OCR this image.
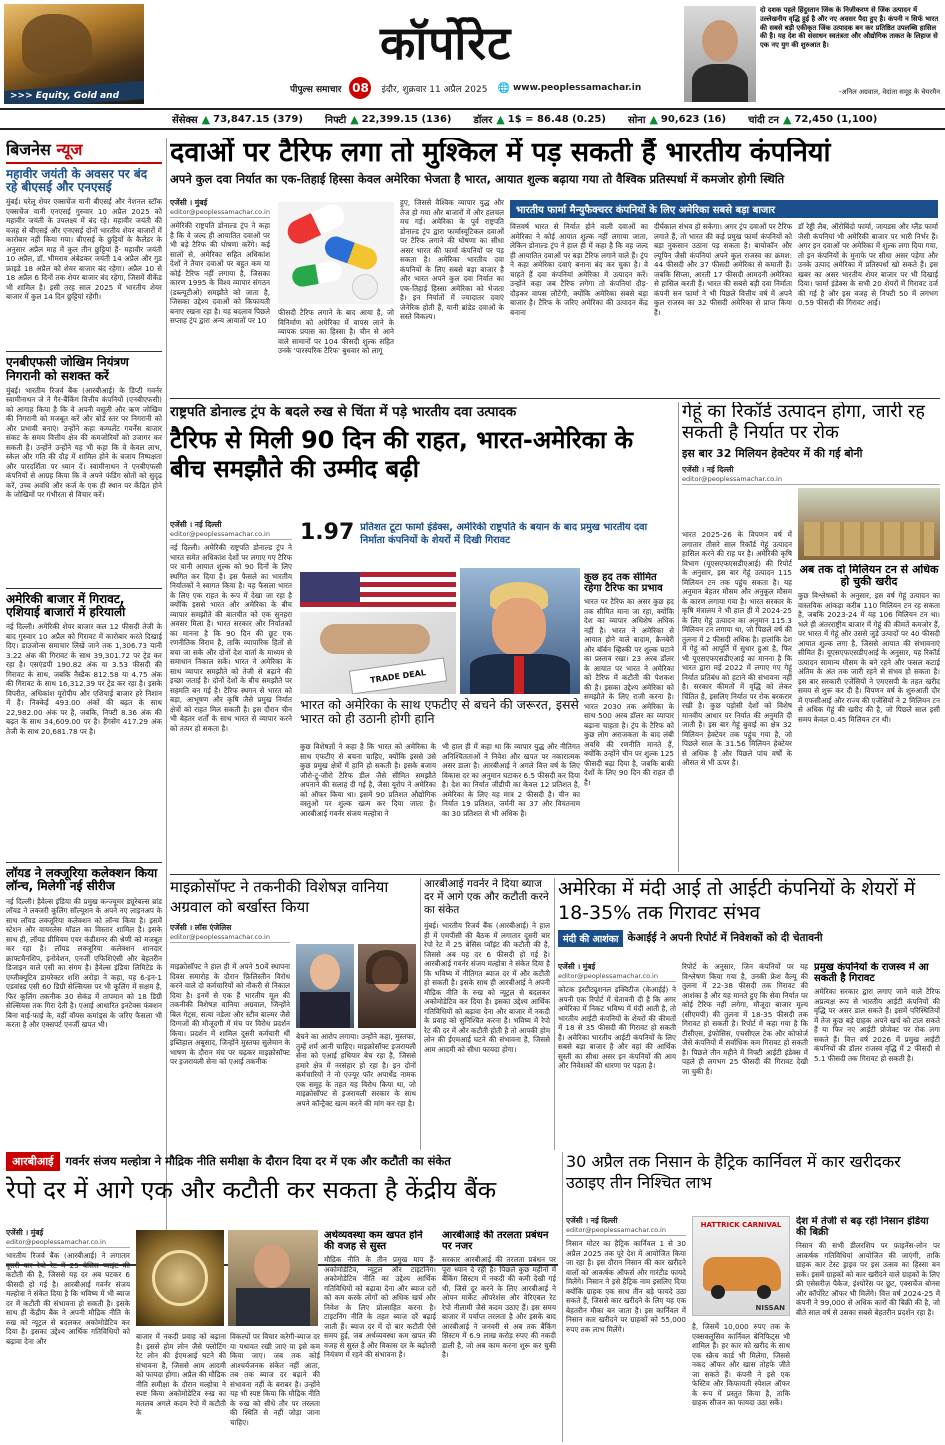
>>> Equity, Gold and
कॉर्पोरेट
पीपुल्स समाचार 08 इंदौर, शुक्रवार 11 अप्रैल 2025 🌐 www.peoplessamachar.in
दो दशक पहले हिंदुस्तान जिंक के निजीकरण से जिंक उत्पादन में उल्लेखनीय वृद्धि हुई है और नए अवसर पैदा हुए है। कंपनी न सिर्फ भारत की सबसे बड़ी एकीकृत जिंक उत्पादक बन कर प्रतिष्ठित उपलब्धि हासिल की है। यह देश की संसाधन स्वतंत्रता और औद्योगिक ताकत के लिहाज से एक नए युग की शुरुआत है।
-अनिल अग्रवाल, वेदांता समूह के चेयरमैन
सेंसेक्स ▲ 73,847.15 (379) निफ्टी ▲ 22,399.15 (136) डॉलर ▲ 1$ = 86.48 (0.25) सोना ▲ 90,623 (16) चांदी टन ▲ 72,450 (1,100)
बिजनेस न्यूज
महावीर जयंती के अवसर पर बंद रहे बीएसई और एनएसई
मुंबई। घरेलू शेयर एक्सचेंज यानी बीएसई और नेशनल स्टॉक एक्सचेंज यानी एनएसई गुरुवार 10 अप्रैल 2025 को महावीर जयंती के उपलक्ष्य में बंद रहे। महावीर जयंती की वजह से बीएसई और एनएसई दोनों भारतीय शेयर बाजारों में कारोबार नहीं किया गया। बीएसई के छुट्टियों के कैलेंडर के अनुसार अप्रैल माह में कुल तीन छुट्टियां हैं- महावीर जयंती 10 अप्रैल, डॉ. भीमराव अंबेडकर जयंती 14 अप्रैल और गुड फ्राइडे 18 अप्रैल को शेयर बाजार बंद रहेगा। अप्रैल 10 से 18 अप्रैल 6 दिनों तक शेयर बाजार बंद रहेगा, जिसमें वीकेंड भी शामिल है। इसी तरह साल 2025 में भारतीय शेयर बाजार में कुल 14 दिन छुट्टियां रहेंगी।
एनबीएफसी जोखिम नियंत्रण निगरानी को सशक्त करें
मुंबई। भारतीय रिजर्व बैंक (आरबीआई) के डिप्टी गवर्नर स्वामीनाथन जे ने गैर-बैंकिंग वित्तीय कंपनियों (एनबीएफसी) को आगाह किया है कि वे अपनी वसूली और ऋण जोखिम की निगरानी को मजबूत करें और बोर्ड स्तर पर निगरानी को और प्रभावी बनाएं। उन्होंने कहा कम्पलेंट गवर्नेंस बाजार संकट के समय वित्तीय क्षेत्र की कमजोरियों को उजागर कर सकती है। उन्होंने उन्होंने यह भी कहा कि वे केवल लाभ, स्केल और गति की दौड़ में शामिल होने के बजाय निष्पक्षता और पारदर्शिता पर ध्यान दें। स्वामीनाथन ने एनबीएफसी कंपनियों से आग्रह किया कि वे अपने फंडिंग स्रोतों को सुदृढ़ करें, उच्च अवधि और कर्ज के एक ही स्थान पर केंद्रित होने के जोखिमों पर गंभीरता से विचार करें।
अमेरिकी बाजार में गिरावट, एशियाई बाजारों में हरियाली
नई दिल्ली। अमेरिकी शेयर बाजार कल 12 फीसदी तेजी के बाद गुरुवार 10 अप्रैल को गिरावट में कारोबार करते दिखाई दिए। डाउजोन्स समाचार लिखे जाने तक 1,306.73 यानी 3.22 अंक की गिरावट के साथ 39,301.72 पर ट्रेड कर रहा है। एसएंडपी 190.82 अंक या 3.53 फीसदी की गिरावट के साथ, जबकि नैस्डैक 812.58 या 4.75 अंक की गिरावट के साथ 16,312.39 पर ट्रेड कर रहा है। इसके विपरीत, अधिकांश यूरोपीय और एशियाई बाजार हरे निशान में हैं। निक्केई 493.00 अंकों की बढ़त के साथ 22,982.00 अंक पर है, जबकि, निफ्टी 8.36 अंक की बढ़त के साथ 34,609.00 पर है। हैंगसेंग 417.29 अंक तेजी के साथ 20,681.78 पर है।
लॉयड ने लक्जूरिया कलेक्शन किया लॉन्च, मिलेगी नई सीरीज
नई दिल्ली। हैवेल्स इंडिया की प्रमुख कन्ज्यूमर ड्यूरेबल्स ब्रांड लॉयड ने लक्जरी कूलिंग सॉल्यूशन के अपने नए लाइनअप के साथ लॉयड लक्जूरिया कलेक्शन को लॉन्च किया है। इसमें स्टेशन और वायरलेस मॉडल का विस्तार शामिल है। इसके साथ ही, लॉयड प्रीमियम एयर कंडीशनर की श्रेणी को मजबूत कर रहा है। लॉयड लक्जूरिया कलेक्शन शानदार क्राफ्टमैनशिप, इनोवेशन, एनर्जी एफिशिएंसी और बेहतरीन डिजाइन वाले एसी का संगम है। हैवेल्स इंडिया लिमिटेड के एग्जीक्यूटिव डायरेक्टर शशि अरोड़ा ने कहा, यह 6-इन-1 एडवांस्ड एसी 60 डिग्री सेल्सियस पर भी कूलिंग में सक्षम है, फिर कूलिंग तकनीक 30 सेकंड में तापमान को 18 डिग्री सेल्सियस तक गिरा देती है। एआई आधारित इनटेक्स फंक्शन बिना वाई-फाई के, वहीं वॉयस कमांड्स के जरिए फैसला भी करता है और एक्सपर्ट एनर्जी खपत भी।
दवाओं पर टैरिफ लगा तो मुश्किल में पड़ सकती हैं भारतीय कंपनियां
अपने कुल दवा निर्यात का एक-तिहाई हिस्सा केवल अमेरिका भेजता है भारत, आयात शुल्क बढ़ाया गया तो वैश्विक प्रतिस्पर्धा में कमजोर होगी स्थिति
एजेंसी । मुंबई
editor@peoplessamachar.co.in
अमेरिकी राष्ट्रपति डोनाल्ड ट्रंप ने कहा है कि वे जल्द ही आयातित दवाओं पर भी बड़े टैरिफ की घोषणा करेंगे। कई सालों से, अमेरिका सहित अधिकांश देशों ने तैयार दवाओं पर बहुत कम या कोई टैरिफ नहीं लगाया है, जिसका कारण 1995 के विश्व व्यापार संगठन (डब्ल्यूटीओ) समझौते को जाता है, जिसका उद्देश्य दवाओं को किफायती बनाए रखना रहा है। यह बदलाव पिछले सप्ताह ट्रंप द्वारा अन्य आयातों पर 10
फीसदी टैरिफ लगाने के बाद आया है, जो विनिर्माण को अमेरिका में वापस लाने के व्यापक प्रयास का हिस्सा है। चीन से आने वाले सामानों पर 104 फीसदी शुल्क सहित उनके 'पारस्परिक टैरिफ' बुधवार को लागू
हुए, जिससे वैश्विक व्यापार युद्ध और तेज हो गया और बाजारों में और हलचल मच गई। अमेरिका के पूर्व राष्ट्रपति डोनाल्ड ट्रंप द्वारा फार्मास्यूटिकल दवाओं पर टैरिफ लगाने की घोषणा का सीधा असर भारत की फार्मा कंपनियों पर पड़ सकता है। अमेरिका भारतीय दवा कंपनियों के लिए सबसे बड़ा बाजार है और भारत अपने कुल दवा निर्यात का एक-तिहाई हिस्सा अमेरिका को भेजता है। इन निर्यातों में ज्यादातर दवाएं जेनेरिक होती हैं, यानी ब्रांडेड दवाओं के सस्ते विकल्प।
भारतीय फार्मा मैन्युफैक्चरर कंपनियों के लिए अमेरिका सबसे बड़ा बाजार
वित्तवर्ष भारत से निर्यात होने वाली दवाओं का अमेरिका ने कोई आयात शुल्क नहीं लगाया जाता, लेकिन डोनाल्ड ट्रंप ने हाल ही में कहा है कि वह जल्द ही आयातित दवाओं पर बड़ा टैरिफ लगाने वाले हैं। ट्रंप ने कहा अमेरिका दवाएं बनाना बंद कर चुका है। वे चाहते हैं दवा कंपनियां अमेरिका में उत्पादन करें। उन्होंने कहा जब टैरिफ लगेगा तो कंपनियां दौड़-दौड़कर वापस लौटेंगी, क्योंकि अमेरिका सबसे बड़ा बाजार है। टैरिफ के जरिए अमेरिका की उत्पादन केंद्र बनाना
दीर्घकाल संभव हो सकेगा। अगर ट्रंप दवाओं पर टैरिफ लगाते हैं, तो भारत की कई प्रमुख फार्मा कंपनियों को बड़ा नुकसान उठाना पड़ सकता है। बायोकॉन और ल्यूपिन जैसी कंपनियां अपने कुल राजस्व का क्रमश: 44 फीसदी और 37 फीसदी अमेरिका से कमाती हैं। जबकि सिप्ला, आरती 17 फीसदी आमदनी अमेरिका से हासिल करती हैं। भारत की सबसे बड़ी दवा निर्माता कंपनी सन फार्मा ने भी पिछले वित्तीय वर्ष में अपने कुल राजस्व का 32 फीसदी अमेरिका से प्राप्त किया है।
डॉ रेड्डी लैब, ऑरोबिंदो फार्मा, जायडस और ग्लैंड फार्मा जैसी कंपनियां भी अमेरिकी बाजार पर भारी निर्भर हैं। अगर इन दवाओं पर अमेरिका में शुल्क लगा दिया गया, तो इन कंपनियों के मुनाफे पर सीधा असर पड़ेगा और उनके उत्पाद अमेरिका में प्रतिस्पर्धा खो सकते हैं। इस खबर का असर भारतीय शेयर बाजार पर भी दिखाई दिया। फार्मा इंडेक्स के सभी 20 शेयरों में गिरावट दर्ज की गई है और इस वजह से निफ्टी 50 में लगभग 0.59 फीसदी की गिरावट आई।
राष्ट्रपति डोनाल्ड ट्रंप के बदले रुख से चिंता में पड़े भारतीय दवा उत्पादक
टैरिफ से मिली 90 दिन की राहत, भारत-अमेरिका के बीच समझौते की उम्मीद बढ़ी
एजेंसी । नई दिल्ली
editor@peoplessamachar.co.in
नई दिल्ली। अमेरिकी राष्ट्रपति डोनाल्ड ट्रंप ने भारत समेत अधिकांश देशों पर लगाए गए टैरिफ पर यानी आयात शुल्क को 90 दिनों के लिए स्थगित कर दिया है। इस फैसले का भारतीय निर्यातकों ने स्वागत किया है। यह फैसला भारत के लिए एक राहत के रूप में देखा जा रहा है क्योंकि इससे भारत और अमेरिका के बीच व्यापार समझौते की बातचीत को एक सुनहरा अवसर मिला है। भारत सरकार और निर्यातकों का मानना है कि 90 दिन की छूट एक रणनीतिक विराम है, ताकि व्यापारिक हितों से बचा जा सके और दोनों देश वार्ता के माध्यम से समाधान निकाल सकें। भारत ने अमेरिका के साथ व्यापार समझौते को तेजी से बढ़ाने की इच्छा जताई है। दोनों देशों के बीच समझौते पर सहमति बन गई है। टैरिफ स्थगन से भारत को बड़ा, आभूषण और कृषि जैसे प्रमुख निर्यात क्षेत्रों को राहत मिल सकती है। इस दौरान चीन भी बेहतर शर्तों के साथ भारत से व्यापार करने को तत्पर हो सकता है।
1.97 प्रतिशत टूटा फार्मा इंडेक्स, अमेरिकी राष्ट्रपति के बयान के बाद प्रमुख भारतीय दवा निर्माता कंपनियों के शेयरों में दिखी गिरावट
TRADE DEAL
कुछ हद तक सीमित रहेगा टैरिफ का प्रभाव
भारत पर टैरिफ का असर कुछ हद तक सीमित माना जा रहा, क्योंकि देश का व्यापार अधिशेष अधिक नहीं है। भारत ने अमेरिका से आयात होने वाले बादाम, क्रैनबेरी और बॉर्बन व्हिस्की पर शुल्क घटाने का प्रस्ताव रखा। 23 अरब डॉलर के आयात पर भारत ने अमेरिका को टैरिफ में कटौती की पेशकश की है। इसका उद्देश्य अमेरिका को समझौते के लिए राजी करना है। भारत 2030 तक अमेरिका के साथ 500 अरब डॉलर का व्यापार बढ़ाना चाहता है। ट्रंप के टैरिफ को कुछ लोग अराजकता के बाद लंबी अवधि की रणनीति मानते हैं, क्योंकि उन्होंने चीन पर शुल्क 125 फीसदी बढ़ा दिया है, जबकि बाकी देशों के लिए 90 दिन की राहत दी है।
भारत को अमेरिका के साथ एफटीए से बचने की जरूरत, इससे भारत को ही उठानी होगी हानि
कुछ विशेषज्ञों ने कहा है कि भारत को अमेरिका के साथ एफटीए से बचना चाहिए, क्योंकि इससे उसे कुछ प्रमुख क्षेत्रों में हानि हो सकती है। इसके बजाय जीरो-टू-जीरो टैरिफ डील जैसे सीमित समझौते अपनाने की सलाह दी गई है, जैसा यूरोप ने अमेरिका को ऑफर किया था। इसमें 90 प्रतिशत औद्योगिक वस्तुओं पर शुल्क खत्म कर दिया जाता है। आरबीआई गवर्नर संजय मल्होत्रा ने
भी हाल ही में कहा था कि व्यापार युद्ध और नीतिगत अनिश्चितताओं ने निवेश और खपत पर नकारात्मक असर डाला है। आरबीआई ने अगले वित्त वर्ष के लिए विकास दर का अनुमान घटाकर 6.5 फीसदी कर दिया है। देश का निर्यात जीडीपी का केवल 12 प्रतिशत है, अमेरिका के लिए यह मात्र 2 फीसदी है। चीन का निर्यात 19 प्रतिशत, जर्मनी का 37 और वियतनाम का 30 प्रतिशत से भी अधिक है।
गेहूं का रिकॉर्ड उत्पादन होगा, जारी रह सकती है निर्यात पर रोक
इस बार 32 मिलियन हेक्टेयर में की गई बोनी
एजेंसी । नई दिल्ली
editor@peoplessamachar.co.in
भारत 2025-26 के विपणन वर्ष में लगातार तीसरे साल रिकॉर्ड गेहूं उत्पादन हासिल करने की राह पर है। अमेरिकी कृषि विभाग (यूएसएफएसडीएआई) की रिपोर्ट के अनुसार, इस बार गेहूं उत्पादन 115 मिलियन टन तक पहुंच सकता है। यह अनुमान बेहतर मौसम और अनुकूल मौसम के कारण लगाया गया है। भारत सरकार के कृषि मंत्रालय ने भी हाल ही में 2024-25 के लिए गेहूं उत्पादन का अनुमान 115.3 मिलियन टन लगाया था, जो पिछले वर्ष की तुलना में 2 फीसदी अधिक है। हालांकि देश में गेहूं को आपूर्ति में सुधार हुआ है, फिर भी यूएसएफएसडीएआई का मानना है कि भारत द्वारा मई 2022 में लगाए गए गेहूं निर्यात प्रतिबंध को हटाने की संभावना नहीं है। सरकार कीमतों में वृद्धि को लेकर चिंतित है, इसलिए निर्यात पर रोक बरकरार रखी है। कुछ पड़ोसी देशों को विशेष मानवीय आधार पर निर्यात की अनुमति दी जाती है। इस बार गेहूं बुवाई का क्षेत्र 32 मिलियन हेक्टेयर तक पहुंच गया है, जो पिछले साल के 31.56 मिलियन हेक्टेयर से अधिक है और पिछले पांच वर्षों के औसत से भी ऊपर है।
अब तक दो मिलियन टन से अधिक हो चुकी खरीद
कुछ विश्लेषकों के अनुसार, इस वर्ष गेहूं उत्पादन का वास्तविक आंकड़ा करीब 110 मिलियन टन रह सकता है, जबकि 2023-24 में यह 106 मिलियन टन था। भले ही अंतरराष्ट्रीय बाजार में गेहूं की कीमतें कमजोर हैं, पर भारत में गेहूं और उससे जुड़े उत्पादों पर 40 फीसदी आयात शुल्क लगा है, जिससे आयात की संभावनाएं सीमित हैं। यूएसएफएसडीएआई के अनुसार, यह रिकॉर्ड उत्पादन सामान्य मौसम के बने रहने और फसल कटाई अंतिम के अंत तक जारी रहने से संभव हो सकता है। इस बार सरकारी एजेंसियों ने एमएसपी के तहत खरीद समय से शुरू कर दी है। विपणन वर्ष के शुरुआती दौर में एफसीआई और राज्य की एजेंसियों ने 2 मिलियन टन से अधिक गेहूं की खरीद की है, जो पिछले साल इसी समय केवल 0.45 मिलियन टन थी।
माइक्रोसॉफ्ट ने तकनीकी विशेषज्ञ वानिया अग्रवाल को बर्खास्त किया
एजेंसी । लॉस एंजेलिस
editor@peoplessamachar.co.in
माइक्रोसॉफ्ट ने हाल ही में अपने 50वें स्थापना दिवस समारोह के दौरान फ़िलिस्तीन विरोध करने वाले दो कर्मचारियों को नौकरी से निकाल दिया है। इनमें से एक हैं भारतीय मूल की तकनीकी विशेषज्ञ वानिया अग्रवाल, जिन्होंने बिल गेट्स, सत्या नडेला और स्टीव बाल्मर जैसे दिग्गजों की मौजूदगी में मंच पर विरोध प्रदर्शन किया। प्रदर्शन में शामिल दूसरी कर्मचारी थीं इब्तिहाल अबूसाद, जिन्होंने मुस्तफा सुलेमान के भाषण के दौरान मंच पर चढ़कर माइक्रोसॉफ्ट पर इजरायली सेना को एआई तकनीक
बेचने का आरोप लगाया। उन्होंने कहा, मुस्तफा, तुम्हें शर्म आनी चाहिए। माइक्रोसॉफ्ट इजरायली सेना को एआई हथियार बेच रहा है, जिससे हमारे क्षेत्र में नरसंहार हो रहा है। इन दोनों कर्मचारियों ने नो एज्यूर फॉर अपार्थेड नामक एक समूह के तहत यह विरोध किया था, जो माइक्रोसॉफ्ट से इजरायली सरकार के साथ अपने कॉन्ट्रैक्ट खत्म करने की मांग कर रहा है।
आरबीआई गवर्नर ने दिया ब्याज दर में आगे एक और कटौती करने का संकेत
मुंबई। भारतीय रिजर्व बैंक (आरबीआई) ने हाल ही में एमपीसी की बैठक में लगातार दूसरी बार रेपो रेट में 25 बेसिस प्वॉइंट की कटौती की है, जिससे अब यह दर 6 फीसदी हो गई है। आरबीआई गवर्नर संजय मल्होत्रा ने संकेत दिया है कि भविष्य में नीतिगत ब्याज दर में और कटौती हो सकती है। इसके साथ ही आरबीआई ने अपनी मौद्रिक नीति के रुख को न्यूट्रल से बदलकर अकोमोडेटिव कर दिया है। इसका उद्देश्य आर्थिक गतिविधियों को बढ़ावा देना और बाजार में नकदी के प्रवाह को सुनिश्चित करना है। भविष्य में रेपो रेट की दर में और कटौती होती है तो आपकी होम लोन की ईएमआई घटने की संभावना है, जिससे आम आदमी को सीधा फायदा होगा।
अमेरिका में मंदी आई तो आईटी कंपनियों के शेयरों में 18-35% तक गिरावट संभव
मंदी की आशंका केआईई ने अपनी रिपोर्ट में निवेशकों को दी चेतावनी
एजेंसी । मुंबई
editor@peoplessamachar.co.in
कोटक इंस्टीट्यूशनल इक्विटीज (केआईई) ने अपनी एक रिपोर्ट में चेतावनी दी है कि अगर अमेरिका में निकट भविष्य में मंदी आती है, तो भारतीय आईटी कंपनियों के शेयरों की कीमतों में 18 से 35 फीसदी की गिरावट हो सकती है। अमेरिका भारतीय आईटी कंपनियों के लिए सबसे बड़ा बाजार है और वहां की आर्थिक सुस्ती का सीधा असर इन कंपनियों की आय और निवेशकों की धारणा पर पड़ता है।
रिपोर्ट के अनुसार, जिन कंपनियों पर यह विश्लेषण किया गया है, उनकी फ्रेश वैल्यू की तुलना में 22-38 फीसदी तक गिरावट की आशंका है और यह मानते हुए कि सेवा निर्यात पर कोई टैरिफ नहीं लगेगा, मौजूदा बाजार मूल्य (सीएमपी) की तुलना में 18-35 फीसदी तक गिरावट हो सकती है। रिपोर्ट में कहा गया है कि टीसीएस, इंफोसिस, एचसीएल टेक और कोफोर्ज जैसे कंपनियों में सर्वाधिक कम गिरावट हो सकती है। पिछले तीन महीने में निफ्टी आईटी इंडेक्स में पहले ही लगभग 25 फीसदी की गिरावट देखी जा चुकी है।
प्रमुख कंपनियों के राजस्व में आ सकती है गिरावट
अमेरिका सरकार द्वारा लगाए जाने वाले टैरिफ अप्रत्यक्ष रूप से भारतीय आईटी कंपनियों की वृद्धि पर असर डाल सकते हैं। इसमें परिस्थितियों में तेज कुछ बड़े ग्राहक अपने खर्च को टाल सकते हैं या फिर नए आईटी प्रोजेक्ट पर रोक लगा सकते हैं। वित्त वर्ष 2026 में प्रमुख आईटी कंपनियों की डॉलर राजस्व वृद्धि में 2 फीसदी से 5.1 फीसदी तक गिरावट हो सकती है।
आरबीआई	गवर्नर संजय मल्होत्रा ने मौद्रिक नीति समीक्षा के दौरान दिया दर में एक और कटौती का संकेत
रेपो दर में आगे एक और कटौती कर सकता है केंद्रीय बैंक
एजेंसी । मुंबई
editor@peoplessamachar.co.in
भारतीय रिजर्व बैंक (आरबीआई) ने लगातार दूसरी बार रेपो रेट में 25 बेसिस प्वाइंट की कटौती की है, जिससे यह दर अब घटकर 6 फीसदी हो गई है। आरबीआई गवर्नर संजय मल्होत्रा ने संकेत दिया है कि भविष्य में भी ब्याज दर में कटौती की संभावना हो सकती है। इसके साथ ही केंद्रीय बैंक ने अपनी मौद्रिक नीति के रुख को न्यूट्रल से बदलकर अकोमोडेटिव कर दिया है। इसका उद्देश्य आर्थिक गतिविधियों को बढ़ावा देना और	बाजार में नकदी प्रवाह को बढ़ाना है। इससे होम लोन जैसे फ्लोटिंग रेट लोन की ईएमआई घटने की संभावना है, जिससे आम आदमी को फायदा होगा। अप्रैल की मौद्रिक नीति समीक्षा के दौरान मल्होत्रा ने स्पष्ट किया अकोमोडेटिव रुख का मतलब अगले कदम रेपो में कटौती के
विकल्पों पर विचार करेगी-ब्याज दर या यथावत रखी जाएं या इसे कम किया जाए। जब तक कोई आश्चर्यजनक संकेत नहीं आता, तब तक ब्याज दर बढ़ाने की संभावना नहीं के बराबर है। उन्होंने यह भी स्पष्ट किया कि मौद्रिक नीति के रुख को सीधे तौर पर तरलता की स्थिति से नहीं जोड़ा जाना चाहिए।
अर्थव्यवस्था कम खपत होने की वजह से सुस्त
मौद्रिक नीति के तीन प्रमुख माप हैं-अकोमोडेटिव, न्यूट्रल और टाइटनिंग। अकोमोडेटिव नीति का उद्देश्य आर्थिक गतिविधियों को बढ़ावा देना और ब्याज दरों को कम करके लोगों को अधिक खर्च और निवेश के लिए प्रोत्साहित करना है। टाइटनिंग नीति के तहत ब्याज दरें बढ़ाई जाती हैं। ब्याज दर में दो बार कटौती ऐसे समय हुई, जब अर्थव्यवस्था कम खपत की वजह से सुस्त है और विकास दर के बढ़ोतरी नियंत्रण में रहने की संभावना है।
आरबीआई की तरलता प्रबंधन पर नजर
सरकार आरबीआई की तरलता प्रबंधन पर पूरा ध्यान दे रही है। पिछले कुछ महीनों में बैंकिंग सिस्टम में नकदी की कमी देखी गई थी, जिसे दूर करने के लिए आरबीआई ने ओपन मार्केट ऑपरेशंस और वेरिएबल रेट रेपो नीलामी जैसे कदम उठाए हैं। इस समय बाजार में पर्याप्त तरलता है और इसके बाद आरबीआई ने जनवरी से अब तक बैंकिंग सिस्टम में 6.9 लाख करोड़ रुपए की नकदी डाली है, जो अब काम करना शुरू कर चुकी है।
30 अप्रैल तक निसान के हैट्रिक कार्निवल में कार खरीदकर उठाइए तीन निश्चित लाभ
एजेंसी । नई दिल्ली
editor@peoplessamachar.co.in
निसान मोटर का हैट्रिक कार्निवल 1 से 30 अप्रैल 2025 तक पूरे देश में आयोजित किया जा रहा है। इस दौरान निसान की कार खरीदने वालों को आकर्षक ऑफर्स और गारंटीड फायदे मिलेंगे। निसान ने इसे हैट्रिक नाम इसलिए दिया क्योंकि ग्राहक एक साथ तीन बड़े फायदे उठा सकते हैं, जिससे कार खरीदने के लिए यह एक बेहतरीन मौका बन जाता है। इस कार्निवल में निसान कार खरीदने पर ग्राहकों को 55,000 रुपए तक लाभ मिलेंगे।
HATTRICK CARNIVAL
NISSAN
है, जिसमें 10,000 रुपए तक के एक्सक्लूसिव कार्निवल बेनिफिट्स भी शामिल हैं। हर कार को खरीद के साथ एक स्क्रैच कार्ड भी मिलेगा, जिससे नकद ऑफर और खास तोहफे जीते जा सकते हैं। कंपनी ने इसे एक फेस्टिव और किफायती स्पेशल ऑफर के रूप में प्रस्तुत किया है, ताकि ग्राहक सीजन का फायदा उठा सकें।
देश में तेजी से बढ़ रही निसान इंडिया की बिक्री
निसान की सभी डीलरशिप पर फ़ाइनेंस-लोन पर आकर्षक गतिविधियां आयोजित की जाएंगी, ताकि ग्राहक कार टेस्ट ड्राइव पर इस उत्सव का हिस्सा बन सकें। इसमें ग्राहकों को कार खरीदने वाले ग्राहकों के लिए फ्री एसेसरीज़ पैकेज, इंश्योरेंस पर छूट, एक्सचेंज बोनस और कॉर्पोरेट ऑफर भी मिलेंगे। वित्त वर्ष 2024-25 में कंपनी ने 99,000 से अधिक कारों की बिक्री की है, जो बीते साल वर्ष से उसका सबसे बेहतरीन प्रदर्शन रहा है।
